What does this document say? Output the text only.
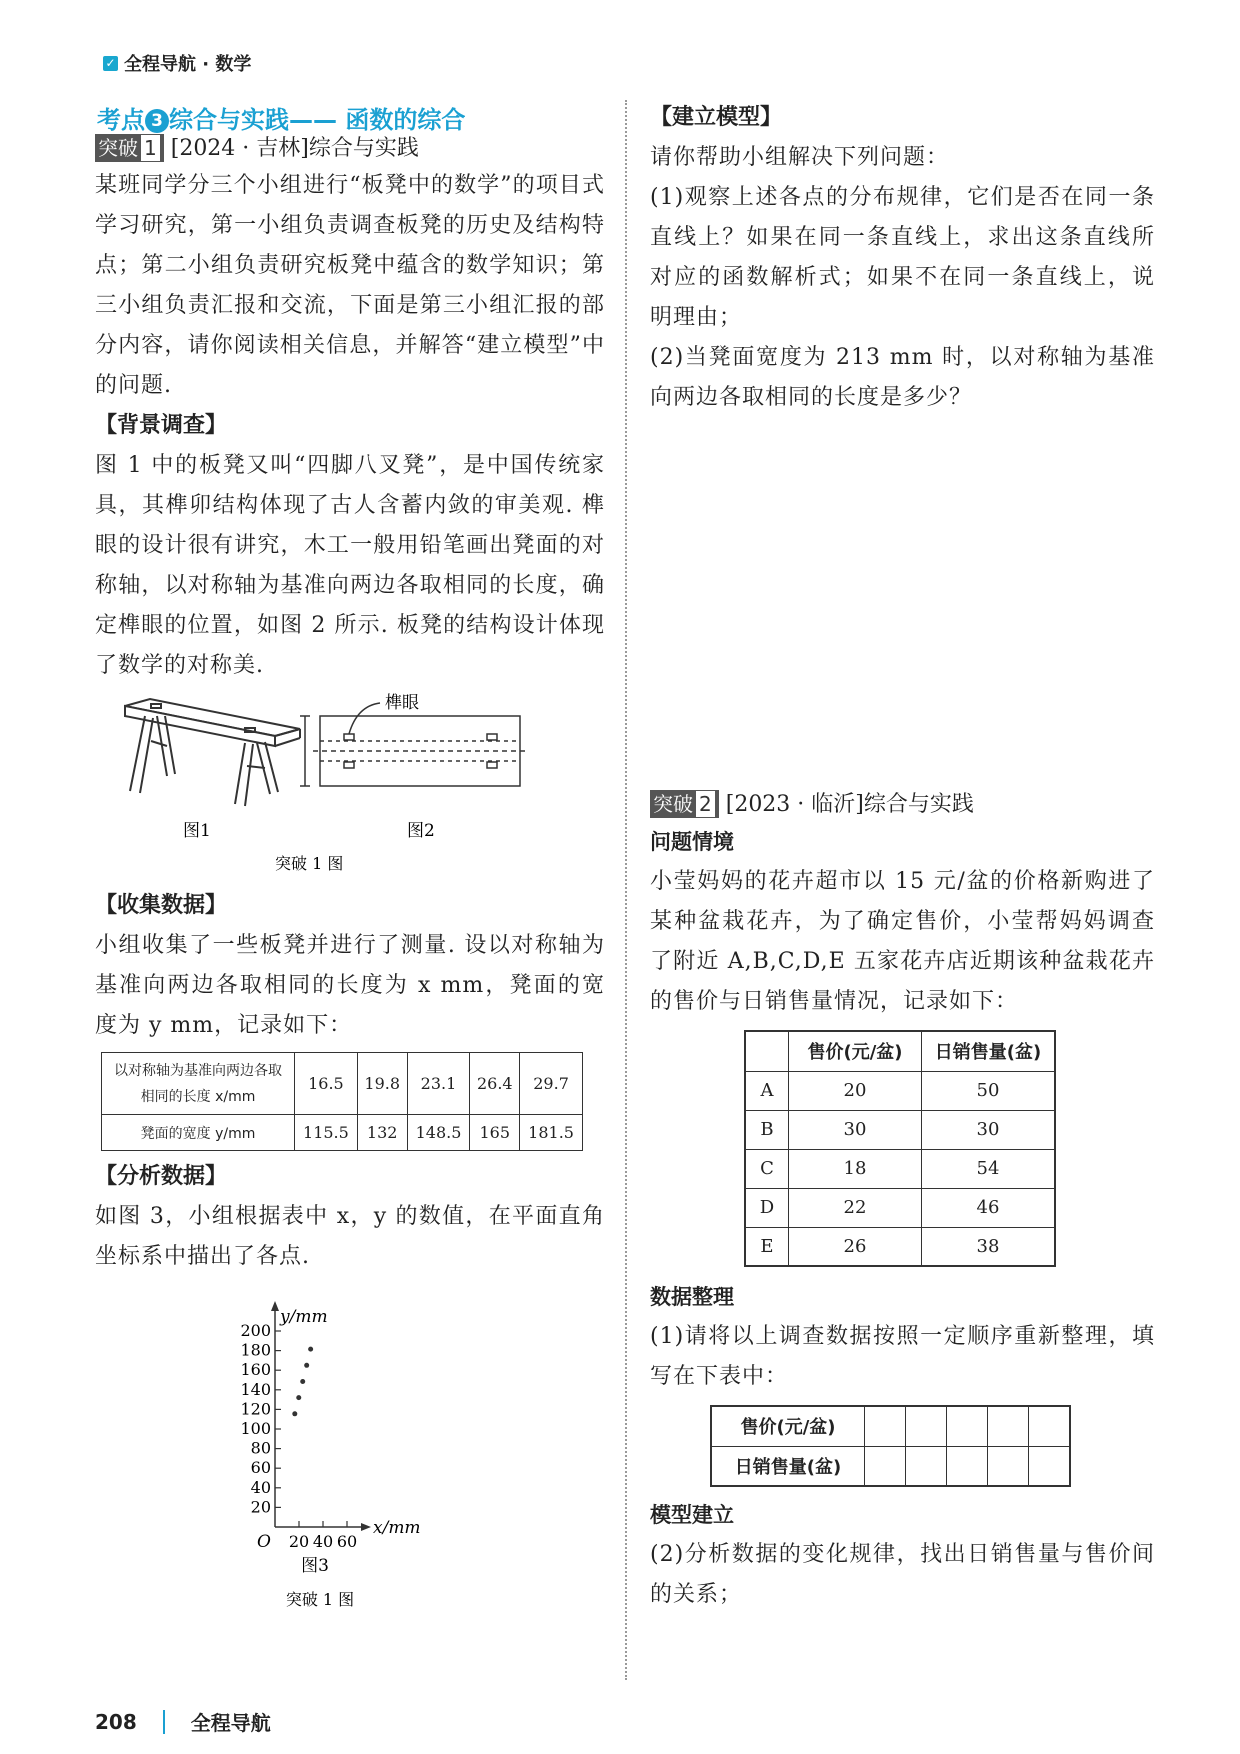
✓ 全程导航 · 数学
考点 3 综合与实践—— 函数的综合
突破 1 [2024 · 吉林]综合与实践

某班同学分三个小组进行“板凳中的数学”的项目式学习研究，第一小组负责调查板凳的历史及结构特点；第二小组负责研究板凳中蕴含的数学知识；第三小组负责汇报和交流，下面是第三小组汇报的部分内容，请你阅读相关信息，并解答“建立模型”中的问题.

【背景调查】

图 1 中的板凳又叫“四脚八叉凳”，是中国传统家具，其榫卯结构体现了古人含蓄内敛的审美观. 榫眼的设计很有讲究，木工一般用铅笔画出凳面的对称轴，以对称轴为基准向两边各取相同的长度，确定榫眼的位置，如图 2 所示. 板凳的结构设计体现了数学的对称美.

榫眼
图1	图2
突破 1 图
【收集数据】

小组收集了一些板凳并进行了测量. 设以对称轴为基准向两边各取相同的长度为 x mm，凳面的宽度为 y mm，记录如下：

以对称轴为基准向两边各取相同的长度 x/mm	16.5	19.8	23.1	26.4	29.7
凳面的宽度 y/mm	115.5	132	148.5	165	181.5
【分析数据】

如图 3，小组根据表中 x，y 的数值，在平面直角坐标系中描出了各点.

y/mm
x/mm
O
20
40
60
80
100
120
140
160
180
200
20 40 60
图3
突破 1 图
【建立模型】

请你帮助小组解决下列问题：

(1)观察上述各点的分布规律，它们是否在同一条直线上？如果在同一条直线上，求出这条直线所对应的函数解析式；如果不在同一条直线上，说明理由；

(2)当凳面宽度为 213 mm 时，以对称轴为基准向两边各取相同的长度是多少？

突破 2 [2023 · 临沂]综合与实践
问题情境

小莹妈妈的花卉超市以 15 元/盆的价格新购进了某种盆栽花卉，为了确定售价，小莹帮妈妈调查了附近 A,B,C,D,E 五家花卉店近期该种盆栽花卉的售价与日销售量情况，记录如下：

	售价(元/盆)	日销售量(盆)
A	20	50
B	30	30
C	18	54
D	22	46
E	26	38
数据整理

(1)请将以上调查数据按照一定顺序重新整理，填写在下表中：

售价(元/盆)					
日销售量(盆)					
模型建立

(2)分析数据的变化规律，找出日销售量与售价间的关系；

208	全程导航
